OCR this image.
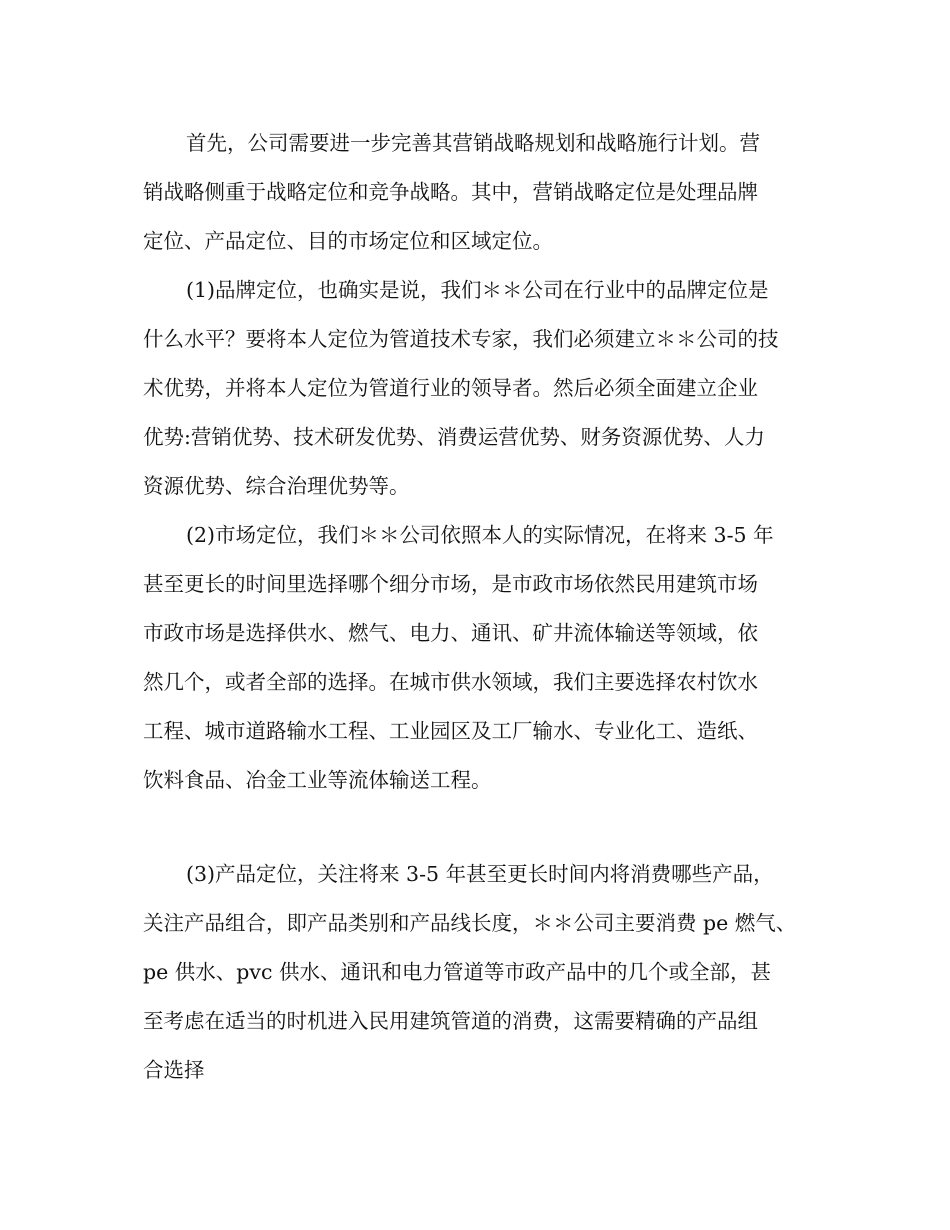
首先，公司需要进一步完善其营销战略规划和战略施行计划。营
销战略侧重于战略定位和竞争战略。其中，营销战略定位是处理品牌
定位、产品定位、目的市场定位和区域定位。
(1)品牌定位，也确实是说，我们＊＊公司在行业中的品牌定位是
什么水平？要将本人定位为管道技术专家，我们必须建立＊＊公司的技
术优势，并将本人定位为管道行业的领导者。然后必须全面建立企业
优势:营销优势、技术研发优势、消费运营优势、财务资源优势、人力
资源优势、综合治理优势等。
(2)市场定位，我们＊＊公司依照本人的实际情况，在将来 3-5 年
甚至更长的时间里选择哪个细分市场，是市政市场依然民用建筑市场
市政市场是选择供水、燃气、电力、通讯、矿井流体输送等领域，依
然几个，或者全部的选择。在城市供水领域，我们主要选择农村饮水
工程、城市道路输水工程、工业园区及工厂输水、专业化工、造纸、
饮料食品、冶金工业等流体输送工程。
(3)产品定位，关注将来 3-5 年甚至更长时间内将消费哪些产品，
关注产品组合，即产品类别和产品线长度，＊＊公司主要消费 pe 燃气、
pe 供水、pvc 供水、通讯和电力管道等市政产品中的几个或全部，甚
至考虑在适当的时机进入民用建筑管道的消费，这需要精确的产品组
合选择
